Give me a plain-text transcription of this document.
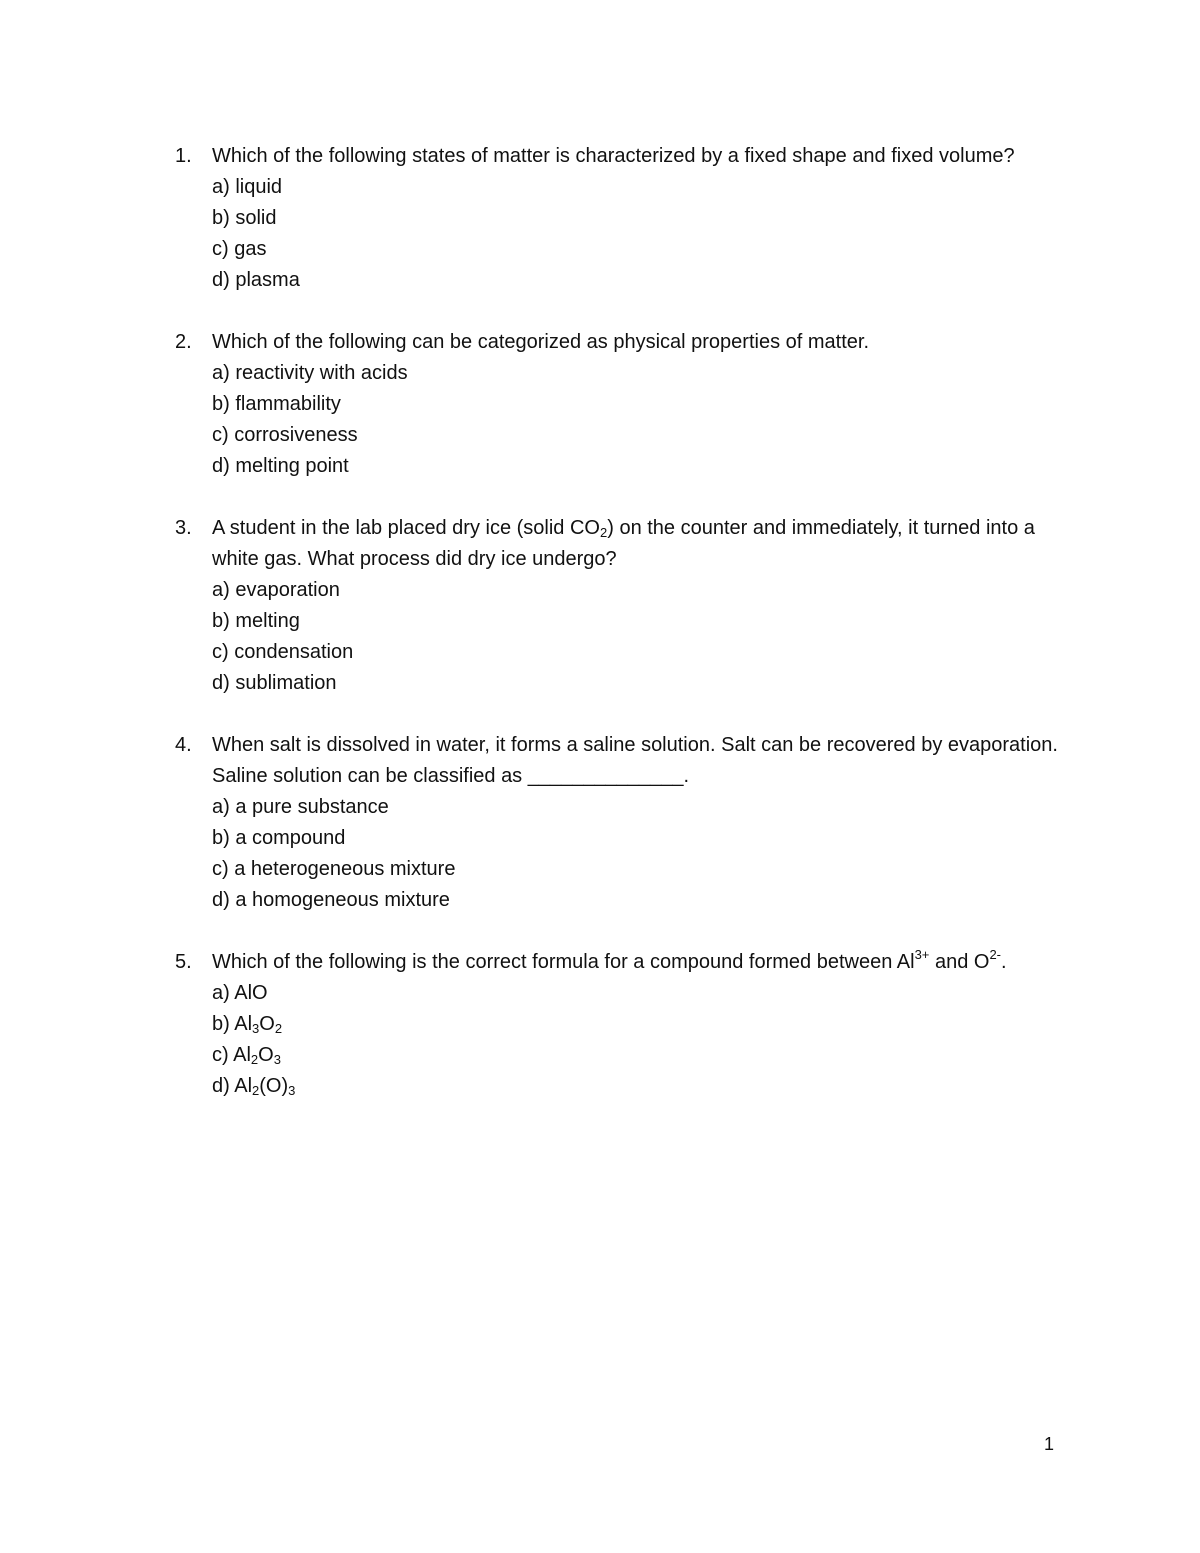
1. Which of the following states of matter is characterized by a fixed shape and fixed volume?
a) liquid
b) solid
c) gas
d) plasma
2. Which of the following can be categorized as physical properties of matter.
a) reactivity with acids
b) flammability
c) corrosiveness
d) melting point
3. A student in the lab placed dry ice (solid $CO_2$) on the counter and immediately, it turned into a white gas. What process did dry ice undergo?
a) evaporation
b) melting
c) condensation
d) sublimation
4. When salt is dissolved in water, it forms a saline solution. Salt can be recovered by evaporation. Saline solution can be classified as ______________.
a) a pure substance
b) a compound
c) a heterogeneous mixture
d) a homogeneous mixture
5. Which of the following is the correct formula for a compound formed between $Al^{3+}$ and $O^{2-}$.
a) AlO
b) $Al_3O_2$
c) $Al_2O_3$
d) $Al_2(O)_3$
1
